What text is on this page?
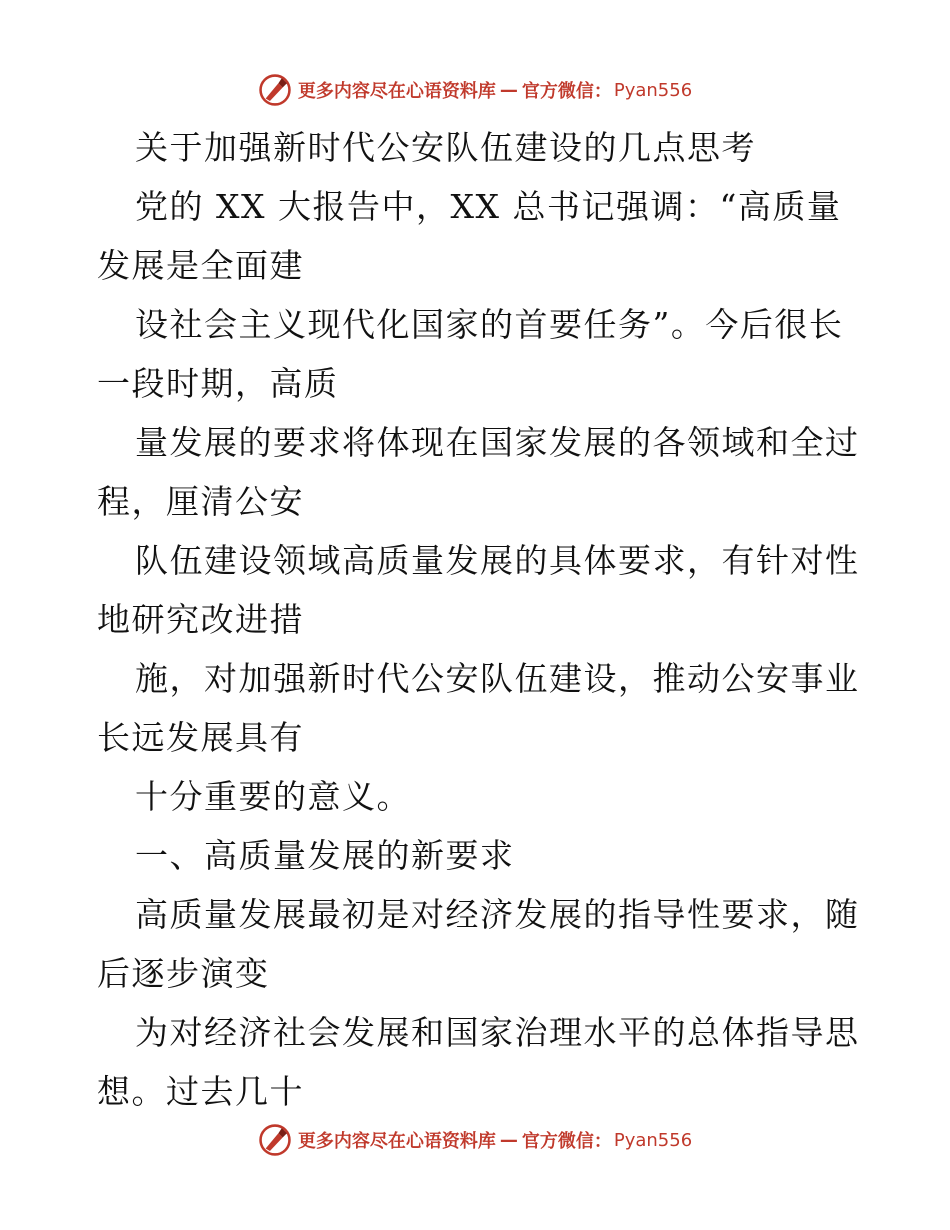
更多内容尽在心语资料库 — 官方微信： Pyan556
关于加强新时代公安队伍建设的几点思考
党的 XX 大报告中，XX 总书记强调：“高质量
发展是全面建
设社会主义现代化国家的首要任务”。今后很长
一段时期，高质
量发展的要求将体现在国家发展的各领域和全过
程，厘清公安
队伍建设领域高质量发展的具体要求，有针对性
地研究改进措
施，对加强新时代公安队伍建设，推动公安事业
长远发展具有
十分重要的意义。
一、高质量发展的新要求
高质量发展最初是对经济发展的指导性要求，随
后逐步演变
为对经济社会发展和国家治理水平的总体指导思
想。过去几十
更多内容尽在心语资料库 — 官方微信： Pyan556
